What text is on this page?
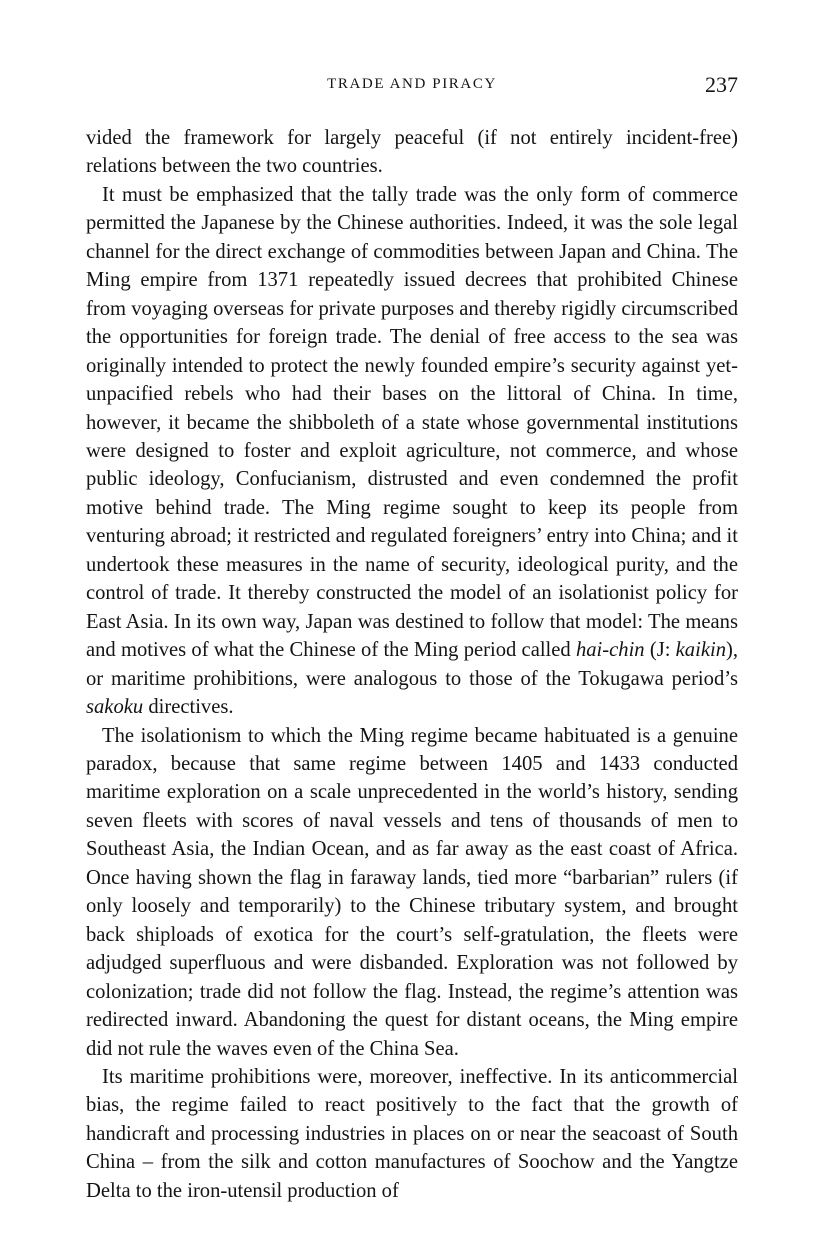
TRADE AND PIRACY	237

vided the framework for largely peaceful (if not entirely incident-free) relations between the two countries.

It must be emphasized that the tally trade was the only form of commerce permitted the Japanese by the Chinese authorities. Indeed, it was the sole legal channel for the direct exchange of commodities between Japan and China. The Ming empire from 1371 repeatedly issued decrees that prohibited Chinese from voyaging overseas for private purposes and thereby rigidly circumscribed the opportunities for foreign trade. The denial of free access to the sea was originally intended to protect the newly founded empire’s security against yet-unpacified rebels who had their bases on the littoral of China. In time, however, it became the shibboleth of a state whose governmental institutions were designed to foster and exploit agriculture, not commerce, and whose public ideology, Confucianism, distrusted and even condemned the profit motive behind trade. The Ming regime sought to keep its people from venturing abroad; it restricted and regulated foreigners’ entry into China; and it undertook these measures in the name of security, ideological purity, and the control of trade. It thereby constructed the model of an isolationist policy for East Asia. In its own way, Japan was destined to follow that model: The means and motives of what the Chinese of the Ming period called hai-chin (J: kaikin), or maritime prohibitions, were analogous to those of the Tokugawa period’s sakoku directives.

The isolationism to which the Ming regime became habituated is a genuine paradox, because that same regime between 1405 and 1433 conducted maritime exploration on a scale unprecedented in the world’s history, sending seven fleets with scores of naval vessels and tens of thousands of men to Southeast Asia, the Indian Ocean, and as far away as the east coast of Africa. Once having shown the flag in faraway lands, tied more “barbarian” rulers (if only loosely and temporarily) to the Chinese tributary system, and brought back shiploads of exotica for the court’s self-gratulation, the fleets were adjudged superfluous and were disbanded. Exploration was not followed by colonization; trade did not follow the flag. Instead, the regime’s attention was redirected inward. Abandoning the quest for distant oceans, the Ming empire did not rule the waves even of the China Sea.

Its maritime prohibitions were, moreover, ineffective. In its anticommercial bias, the regime failed to react positively to the fact that the growth of handicraft and processing industries in places on or near the seacoast of South China – from the silk and cotton manufactures of Soochow and the Yangtze Delta to the iron-utensil production of
